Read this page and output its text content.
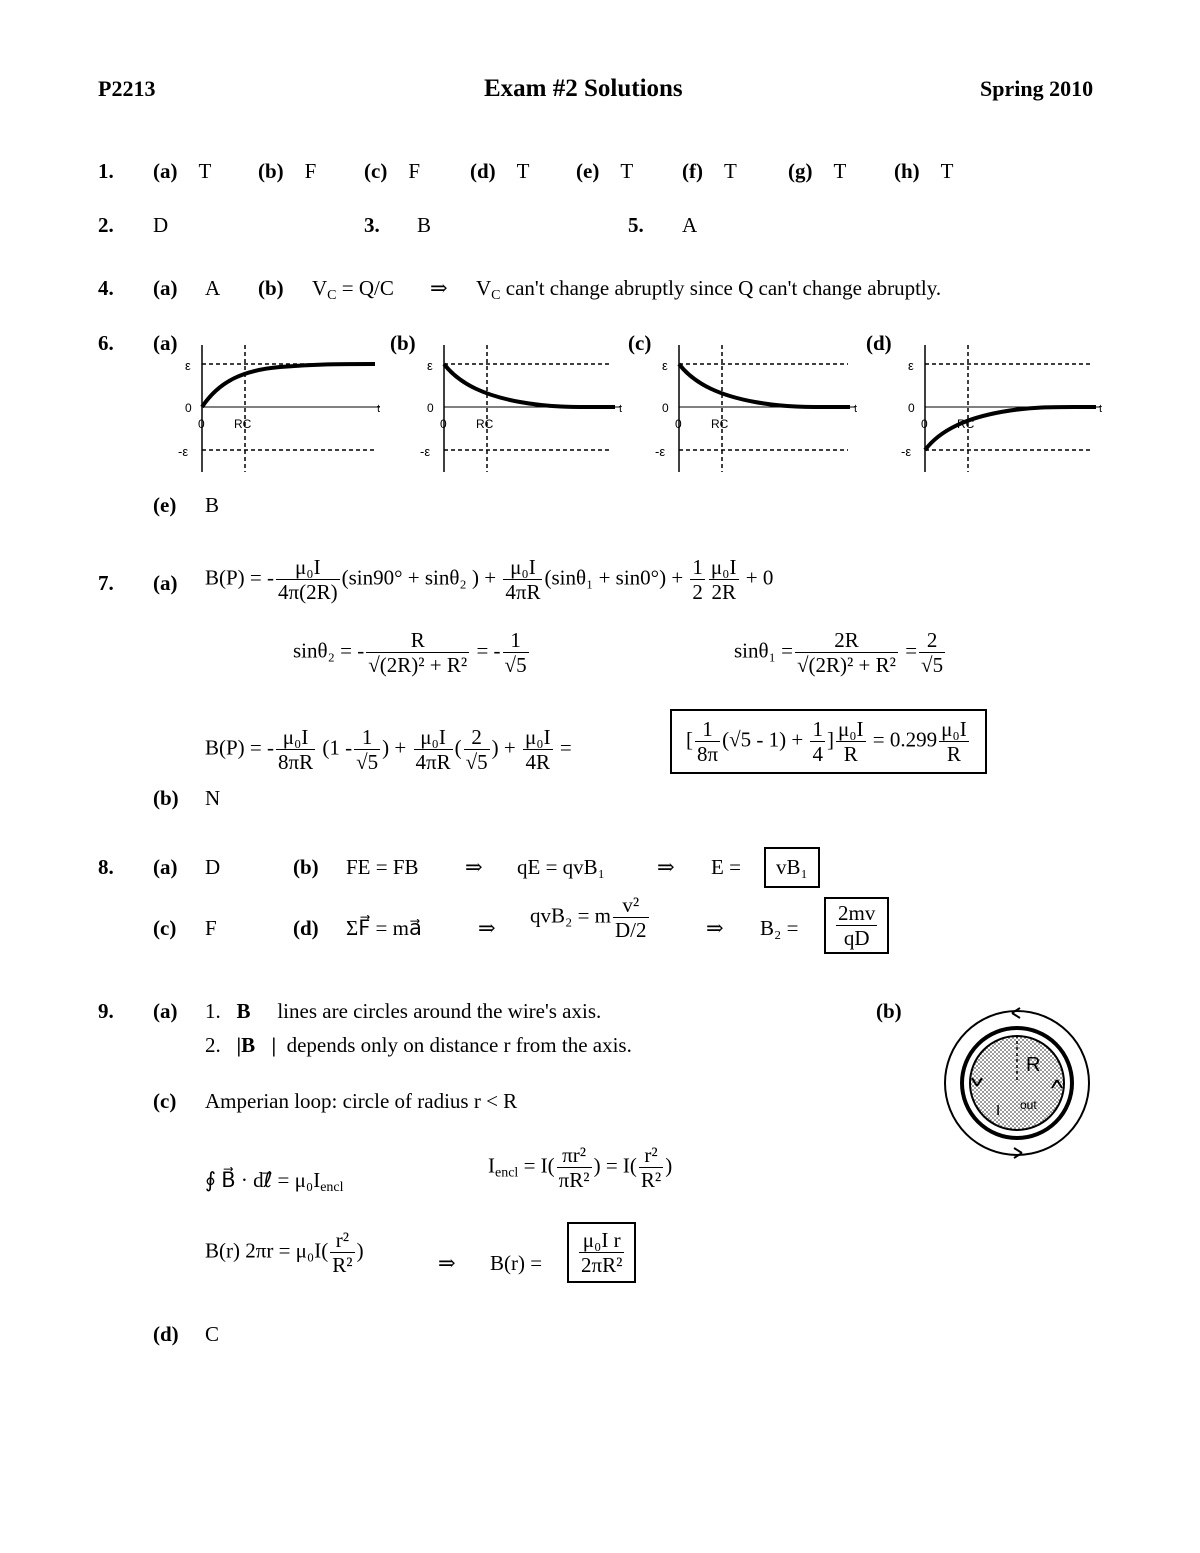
P2213	Exam #2 Solutions	Spring 2010
1. (a) T (b) F (c) F (d) T (e) T (f) T (g) T (h) T
2. D	3. B	5. A
4. (a) A (b) $V_C = Q/C$ ⇒ $V_C$ can't change abruptly since Q can't change abruptly.
6. (a)	(b)	(c)	(d)
ε
0
-ε
0 RC
t
ε
0
-ε
0 RC
t
ε
0
-ε
0 RC
t
ε
0
-ε
0 RC
t
(e) B
7. (a) B(P) = - $\frac{\text{μ₀I}}{4\pi(2R)} (\sin 90^\circ + \sin\theta_2$ ) + $\frac{\text{μ₀I}}{4\pi R} (\sin\theta_1 + \sin 0^\circ) + \frac{1}{2} \frac{\text{μ₀I}}{2R} + 0$
sinθ₂ = - $\frac{R}{\text{√(2R)² + R²}}$ = - $\frac{1}{√5}$	$\sin\theta_1 = \frac{2R}{\text{√(2R)² + R²}} = \frac{2}{√5}$
B(P) = - $\frac{\text{μ₀I}}{8\pi R} (1 - \frac{1}{√5}$ ) + $\frac{\text{μ₀I}}{4\pi R}$ ( $\frac{2}{√5}$ ) + $\frac{\text{μ₀I}}{4R}$ =	[ $\frac{1}{8\pi} (√5 - 1) + \frac{1}{4}$ ] $\frac{\text{μ₀I}}{R} = 0.299 \frac{\text{μ₀I}}{R}$
(b) N
8. (a) D	(b) FE = FB ⇒ qE = qvB₁ ⇒ E =	vB₁
(c) F	(d) ΣF⃗ = ma⃗	⇒
qvB₂ = m $\frac{\text{v²}}{D/2}$	⇒ $B_2 = \frac{2mv}{qD}$
9. (a) 1. B⃗ lines are circles around the wire's axis.
2. |B⃗| depends only on distance r from the axis.
(b)
R
I out
(c) Amperian loop: circle of radius r < R
∮ B⃗ · dℓ⃗ = $\mu_0I_{encl}$
$I_{encl} = I( \frac{\text{πr²}}{\text{πR²}}$ ) = $I( \frac{\text{r²}}{\text{R²}}$ )
B(r) $2\pi r = \mu_0I( \frac{\text{r²}}{\text{R²}}$ )
⇒ $B(r) = \frac{\text{μ₀I r}}{\text{2πR²}}$
(d) C
